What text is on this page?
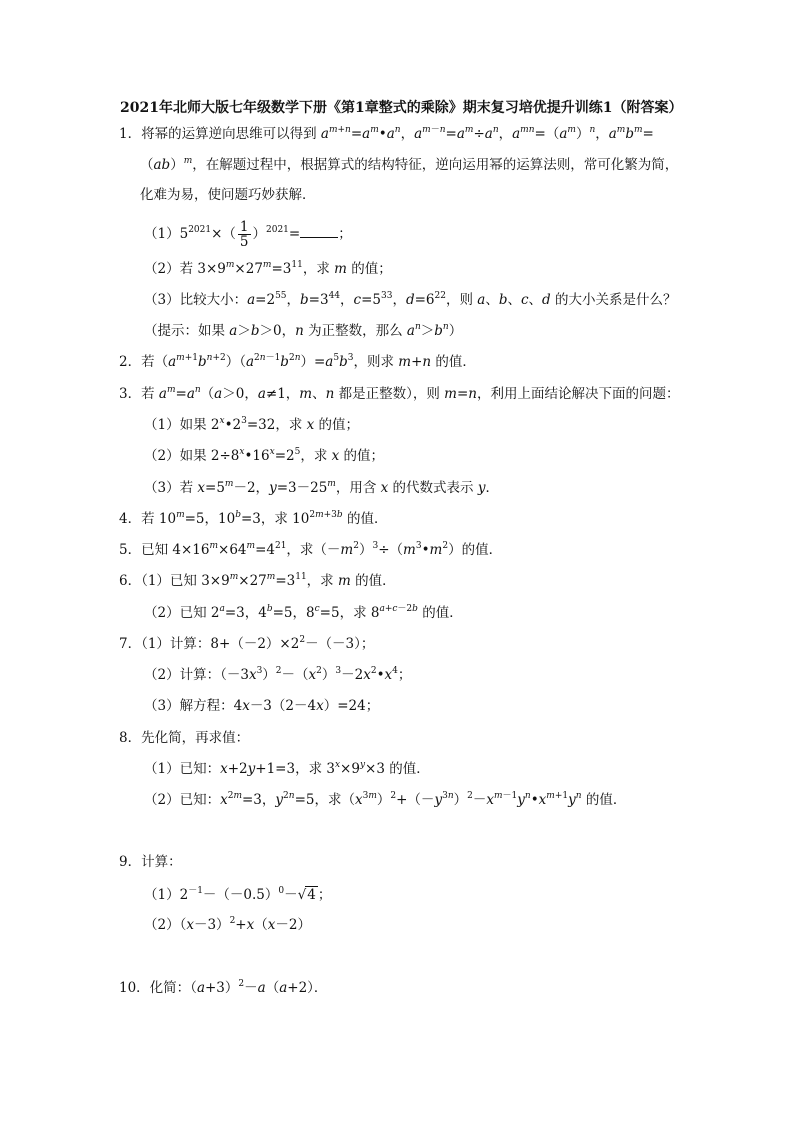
2021年北师大版七年级数学下册《第1章整式的乘除》期末复习培优提升训练1（附答案）
1．将幂的运算逆向思维可以得到 $a^{m+n}=a^m•a^n$，$a^{m-n}=a^m\div a^n$，$a^{mn}=(a^m)^n$，$a^mb^m=$
（ab）$^m$，在解题过程中，根据算式的结构特征，逆向运用幂的运算法则，常可化繁为简，
化难为易，使问题巧妙获解．
$(1)5^{2021}\times( \frac{1}{5} )^{2021}=$	；
（2）若 $3\times 9^m\times 27^m=3^{11}$，求 m 的值；
（3）比较大小：$a=2^{55}$，$b=3^{44}$，$c=5^{33}$，$d=6^{22}$，则 a、b、c、d 的大小关系是什么？
（提示：如果 a＞b＞0，n 为正整数，那么 $a^n>b^n$）
2．若$(a^{m+1}b^{n+2})(a^{2n-1}b^{2n})=a^5b^3$，则求 m+n 的值．
3．若 $a^m=a^n(a>0$，a≠1，m、n 都是正整数），则 m=n，利用上面结论解决下面的问题：
（1）如果 $2^x•2^3=32$，求 x 的值；
（2）如果 $2\div 8^x•16^x=2^5$，求 x 的值；
（3）若 $x=5^m-2$，$y=3-25^m$，用含 x 的代数式表示 y．
4．若 $10^m=5$，$10^b=3$，求 $10^{2m+3b}$ 的值．
5．已知 $4\times 16^m\times 64^m=4^{21}$，求$(-m^2)^3\div(m^3•m^2)$的值．
6．（1）已知 $3\times 9^m\times 27^m=3^{11}$，求 m 的值．
（2）已知 $2^a=3$，$4^b=5$，$8^c=5$，求 $8^{a+c-2b}$ 的值．
7．（1）计算：$8+(-2)\times 2^2-(-3)$；
（2）计算：$(-3x^3)^2-(x^2)^3-2x^2•x^4$；
（3）解方程：4x－3（2－4x）=24；
8．先化简，再求值：
（1）已知：x+2y+1=3，求 $3^x\times 9^y\times 3$ 的值．
（2）已知：$x^{2m}=3$，$y^{2n}=5$，求$(x^{3m})^2+(-y^{3n})^2-x^{m-1}y^n•x^{m+1}y^n$ 的值．
9．计算：
$(1)2^{-1}-(-0.5)^0-√4$ ；
$(2)(x-3)^2+x(x-2)$
10．化简：$(a+3)^2-a(a+2)$．
